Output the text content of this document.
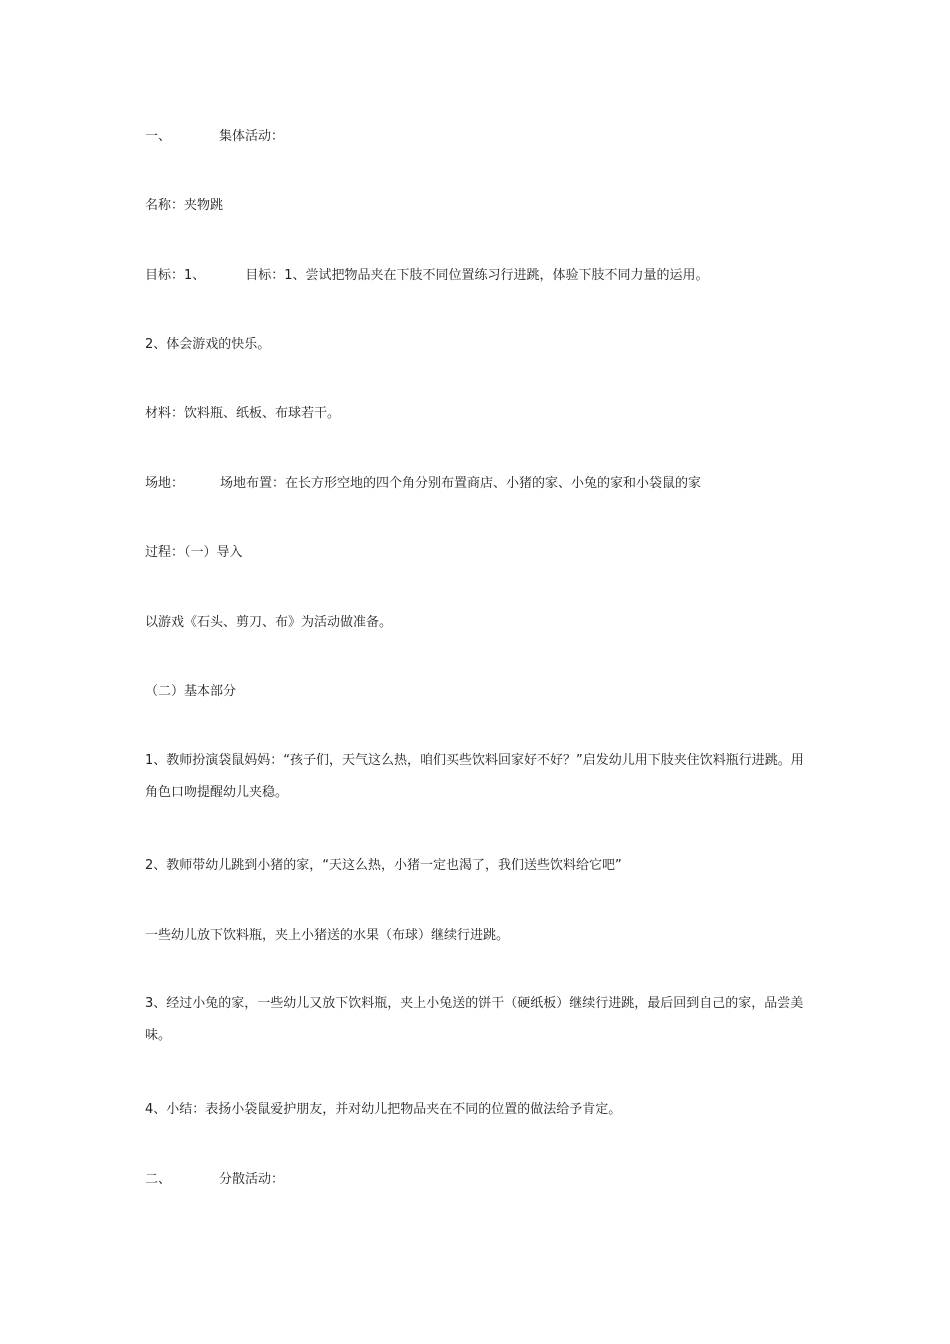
一、	集体活动：
名称：夹物跳
目标：1、	目标：1、尝试把物品夹在下肢不同位置练习行进跳，体验下肢不同力量的运用。
2、体会游戏的快乐。
材料：饮料瓶、纸板、布球若干。
场地：	场地布置：在长方形空地的四个角分别布置商店、小猪的家、小兔的家和小袋鼠的家
过程：（一）导入
以游戏《石头、剪刀、布》为活动做准备。
（二）基本部分
1、教师扮演袋鼠妈妈：“孩子们，天气这么热，咱们买些饮料回家好不好？”启发幼儿用下肢夹住饮料瓶行进跳。用角色口吻提醒幼儿夹稳。
2、教师带幼儿跳到小猪的家，“天这么热，小猪一定也渴了，我们送些饮料给它吧”
一些幼儿放下饮料瓶，夹上小猪送的水果（布球）继续行进跳。
3、经过小兔的家，一些幼儿又放下饮料瓶，夹上小兔送的饼干（硬纸板）继续行进跳，最后回到自己的家，品尝美味。
4、小结：表扬小袋鼠爱护朋友，并对幼儿把物品夹在不同的位置的做法给予肯定。
二、	分散活动：
